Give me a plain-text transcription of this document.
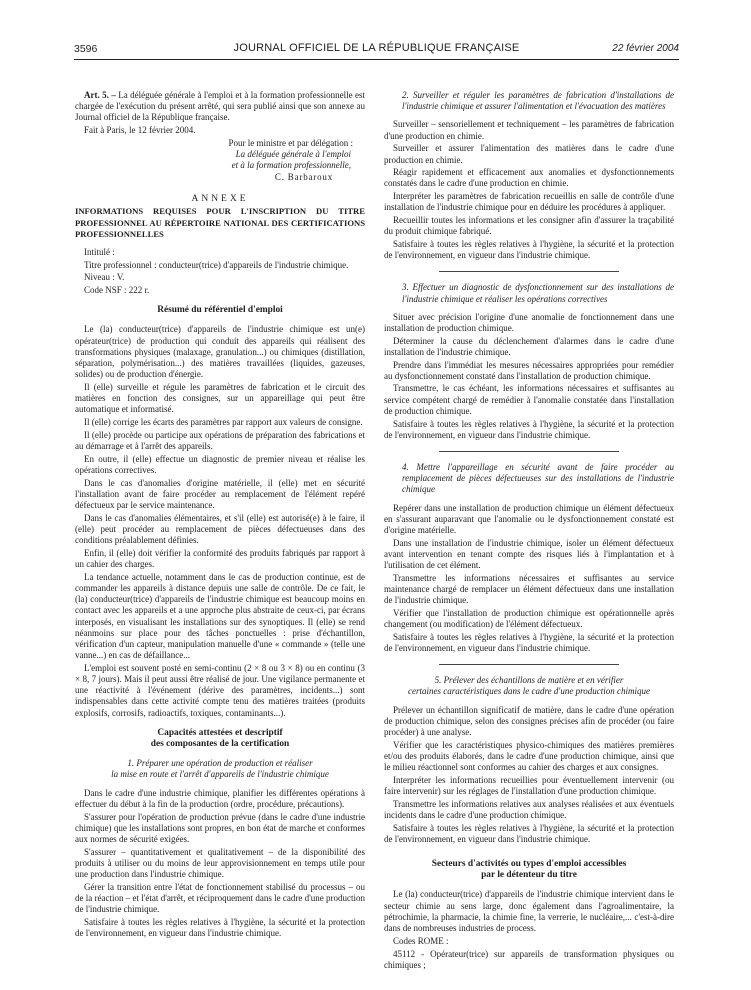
3596	JOURNAL OFFICIEL DE LA RÉPUBLIQUE FRANÇAISE	22 février 2004

Art. 5. – La déléguée générale à l'emploi et à la formation professionnelle est chargée de l'exécution du présent arrêté, qui sera publié ainsi que son annexe au Journal officiel de la République française.

Fait à Paris, le 12 février 2004.

Pour le ministre et par délégation :

La déléguée générale à l'emploi

et à la formation professionnelle,

C. Barbaroux

ANNEXE

INFORMATIONS REQUISES POUR L'INSCRIPTION DU TITRE PROFESSIONNEL AU RÉPERTOIRE NATIONAL DES CERTIFICATIONS PROFESSIONNELLES

Intitulé :

Titre professionnel : conducteur(trice) d'appareils de l'industrie chimique.

Niveau : V.

Code NSF : 222 r.

Résumé du référentiel d'emploi

Le (la) conducteur(trice) d'appareils de l'industrie chimique est un(e) opérateur(trice) de production qui conduit des appareils qui réalisent des transformations physiques (malaxage, granulation...) ou chimiques (distillation, séparation, polymérisation...) des matières travaillées (liquides, gazeuses, solides) ou de production d'énergie.

Il (elle) surveille et régule les paramètres de fabrication et le circuit des matières en fonction des consignes, sur un appareillage qui peut être automatique et informatisé.

Il (elle) corrige les écarts des paramètres par rapport aux valeurs de consigne.

Il (elle) procède ou participe aux opérations de préparation des fabrications et au démarrage et à l'arrêt des appareils.

En outre, il (elle) effectue un diagnostic de premier niveau et réalise les opérations correctives.

Dans le cas d'anomalies d'origine matérielle, il (elle) met en sécurité l'installation avant de faire procéder au remplacement de l'élément repéré défectueux par le service maintenance.

Dans le cas d'anomalies élémentaires, et s'il (elle) est autorisé(e) à le faire, il (elle) peut procéder au remplacement de pièces défectueuses dans des conditions préalablement définies.

Enfin, il (elle) doit vérifier la conformité des produits fabriqués par rapport à un cahier des charges.

La tendance actuelle, notamment dans le cas de production continue, est de commander les appareils à distance depuis une salle de contrôle. De ce fait, le (la) conducteur(trice) d'appareils de l'industrie chimique est beaucoup moins en contact avec les appareils et a une approche plus abstraite de ceux-ci, par écrans interposés, en visualisant les installations sur des synoptiques. Il (elle) se rend néanmoins sur place pour des tâches ponctuelles : prise d'échantillon, vérification d'un capteur, manipulation manuelle d'une « commande » (telle une vanne...) en cas de défaillance...

L'emploi est souvent posté en semi-continu (2 × 8 ou 3 × 8) ou en continu (3 × 8, 7 jours). Mais il peut aussi être réalisé de jour. Une vigilance permanente et une réactivité à l'événement (dérive des paramètres, incidents...) sont indispensables dans cette activité compte tenu des matières traitées (produits explosifs, corrosifs, radioactifs, toxiques, contaminants...).

Capacités attestées et descriptif

des composantes de la certification

1. Préparer une opération de production et réaliser

la mise en route et l'arrêt d'appareils de l'industrie chimique

Dans le cadre d'une industrie chimique, planifier les différentes opérations à effectuer du début à la fin de la production (ordre, procédure, précautions).

S'assurer pour l'opération de production prévue (dans le cadre d'une industrie chimique) que les installations sont propres, en bon état de marche et conformes aux normes de sécurité exigées.

S'assurer – quantitativement et qualitativement – de la disponibilité des produits à utiliser ou du moins de leur approvisionnement en temps utile pour une production dans l'industrie chimique.

Gérer la transition entre l'état de fonctionnement stabilisé du processus – ou de la réaction – et l'état d'arrêt, et réciproquement dans le cadre d'une production de l'industrie chimique.

Satisfaire à toutes les règles relatives à l'hygiène, la sécurité et la protection de l'environnement, en vigueur dans l'industrie chimique.

2. Surveiller et réguler les paramètres de fabrication d'installations de l'industrie chimique et assurer l'alimentation et l'évacuation des matières

Surveiller – sensoriellement et techniquement – les paramètres de fabrication d'une production en chimie.

Surveiller et assurer l'alimentation des matières dans le cadre d'une production en chimie.

Réagir rapidement et efficacement aux anomalies et dysfonctionnements constatés dans le cadre d'une production en chimie.

Interpréter les paramètres de fabrication recueillis en salle de contrôle d'une installation de l'industrie chimique pour en déduire les procédures à appliquer.

Recueillir toutes les informations et les consigner afin d'assurer la traçabilité du produit chimique fabriqué.

Satisfaire à toutes les règles relatives à l'hygiène, la sécurité et la protection de l'environnement, en vigueur dans l'industrie chimique.

3. Effectuer un diagnostic de dysfonctionnement sur des installations de l'industrie chimique et réaliser les opérations correctives

Situer avec précision l'origine d'une anomalie de fonctionnement dans une installation de production chimique.

Déterminer la cause du déclenchement d'alarmes dans le cadre d'une installation de l'industrie chimique.

Prendre dans l'immédiat les mesures nécessaires appropriées pour remédier au dysfonctionnement constaté dans l'installation de production chimique.

Transmettre, le cas échéant, les informations nécessaires et suffisantes au service compétent chargé de remédier à l'anomalie constatée dans l'installation de production chimique.

Satisfaire à toutes les règles relatives à l'hygiène, la sécurité et la protection de l'environnement, en vigueur dans l'industrie chimique.

4. Mettre l'appareillage en sécurité avant de faire procéder au remplacement de pièces défectueuses sur des installations de l'industrie chimique

Repérer dans une installation de production chimique un élément défectueux en s'assurant auparavant que l'anomalie ou le dysfonctionnement constaté est d'origine matérielle.

Dans une installation de l'industrie chimique, isoler un élément défectueux avant intervention en tenant compte des risques liés à l'implantation et à l'utilisation de cet élément.

Transmettre les informations nécessaires et suffisantes au service maintenance chargé de remplacer un élément défectueux dans une installation de l'industrie chimique.

Vérifier que l'installation de production chimique est opérationnelle après changement (ou modification) de l'élément défectueux.

Satisfaire à toutes les règles relatives à l'hygiène, la sécurité et la protection de l'environnement, en vigueur dans l'industrie chimique.

5. Prélever des échantillons de matière et en vérifier

certaines caractéristiques dans le cadre d'une production chimique

Prélever un échantillon significatif de matière, dans le cadre d'une opération de production chimique, selon des consignes précises afin de procéder (ou faire procéder) à une analyse.

Vérifier que les caractéristiques physico-chimiques des matières premières et/ou des produits élaborés, dans le cadre d'une production chimique, ainsi que le milieu réactionnel sont conformes au cahier des charges et aux consignes.

Interpréter les informations recueillies pour éventuellement intervenir (ou faire intervenir) sur les réglages de l'installation d'une production chimique.

Transmettre les informations relatives aux analyses réalisées et aux éventuels incidents dans le cadre d'une production chimique.

Satisfaire à toutes les règles relatives à l'hygiène, la sécurité et la protection de l'environnement, en vigueur dans l'industrie chimique.

Secteurs d'activités ou types d'emploi accessibles

par le détenteur du titre

Le (la) conducteur(trice) d'appareils de l'industrie chimique intervient dans le secteur chimie au sens large, donc également dans l'agroalimentaire, la pétrochimie, la pharmacie, la chimie fine, la verrerie, le nucléaire,... c'est-à-dire dans de nombreuses industries de process.

Codes ROME :

45112 - Opérateur(trice) sur appareils de transformation physiques ou chimiques ;
